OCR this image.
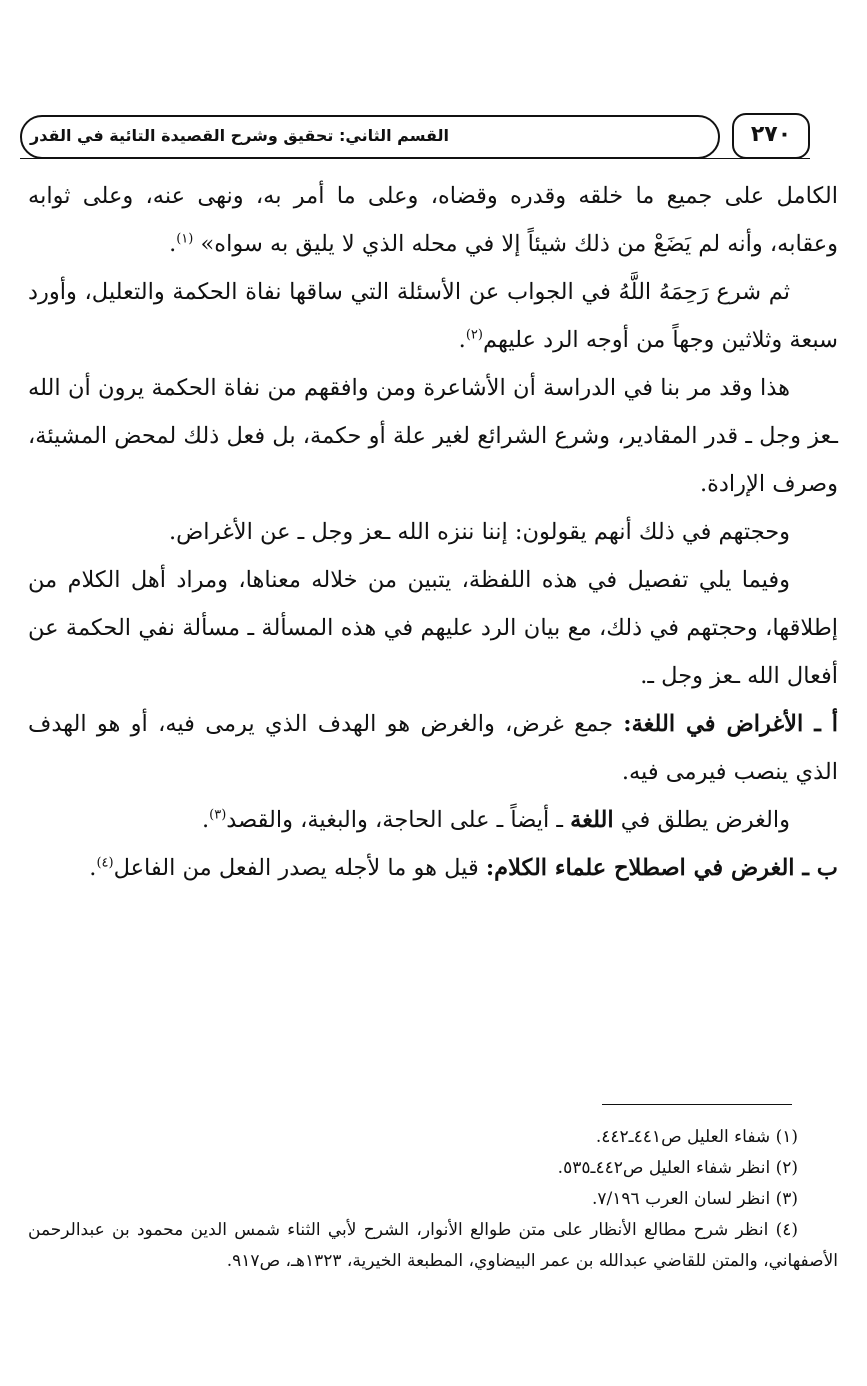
القسم الثاني: تحقيق وشرح القصيدة التائية في القدر	٢٧٠

الكامل على جميع ما خلقه وقدره وقضاه، وعلى ما أمر به، ونهى عنه، وعلى ثوابه وعقابه، وأنه لم يَضَعْ من ذلك شيئاً إلا في محله الذي لا يليق به سواه» $^{(١)}$.

ثم شرع رَحِمَهُ اللَّهُ في الجواب عن الأسئلة التي ساقها نفاة الحكمة والتعليل، وأورد سبعة وثلاثين وجهاً من أوجه الرد عليهم$^{(٢)}$.

هذا وقد مر بنا في الدراسة أن الأشاعرة ومن وافقهم من نفاة الحكمة يرون أن الله ـعز وجل ـ قدر المقادير، وشرع الشرائع لغير علة أو حكمة، بل فعل ذلك لمحض المشيئة، وصرف الإرادة.

وحجتهم في ذلك أنهم يقولون: إننا ننزه الله ـعز وجل ـ عن الأغراض.

وفيما يلي تفصيل في هذه اللفظة، يتبين من خلاله معناها، ومراد أهل الكلام من إطلاقها، وحجتهم في ذلك، مع بيان الرد عليهم في هذه المسألة ـ مسألة نفي الحكمة عن أفعال الله ـعز وجل ـ.

أ ـ الأغراض في اللغة: جمع غرض، والغرض هو الهدف الذي يرمى فيه، أو هو الهدف الذي ينصب فيرمى فيه.

والغرض يطلق في اللغة ـ أيضاً ـ على الحاجة، والبغية، والقصد$^{(٣)}$.

ب ـ الغرض في اصطلاح علماء الكلام: قيل هو ما لأجله يصدر الفعل من الفاعل$^{(٤)}$.

(١) شفاء العليل ص٤٤١ـ٤٤٢.

(٢) انظر شفاء العليل ص٤٤٢ـ٥٣٥.

(٣) انظر لسان العرب ٧/١٩٦.

(٤) انظر شرح مطالع الأنظار على متن طوالع الأنوار، الشرح لأبي الثناء شمس الدين محمود بن عبدالرحمن الأصفهاني، والمتن للقاضي عبدالله بن عمر البيضاوي، المطبعة الخيرية، ١٣٢٣هـ، ص٩١٧.
